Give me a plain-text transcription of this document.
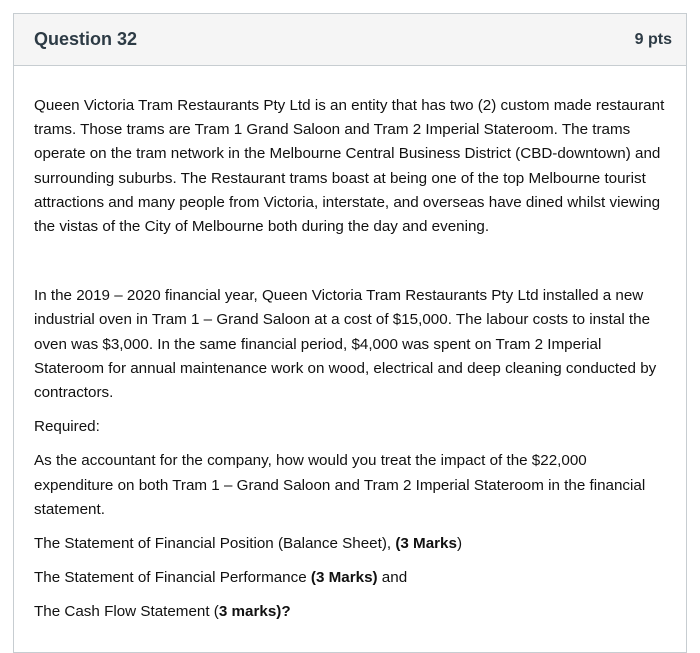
Question 32	9 pts

Queen Victoria Tram Restaurants Pty Ltd is an entity that has two (2) custom made restaurant trams. Those trams are Tram 1 Grand Saloon and Tram 2 Imperial Stateroom. The trams operate on the tram network in the Melbourne Central Business District (CBD-downtown) and surrounding suburbs. The Restaurant trams boast at being one of the top Melbourne tourist attractions and many people from Victoria, interstate, and overseas have dined whilst viewing the vistas of the City of Melbourne both during the day and evening.

In the 2019 – 2020 financial year, Queen Victoria Tram Restaurants Pty Ltd installed a new industrial oven in Tram 1 – Grand Saloon at a cost of $15,000. The labour costs to instal the oven was $3,000. In the same financial period, $4,000 was spent on Tram 2 Imperial Stateroom for annual maintenance work on wood, electrical and deep cleaning conducted by contractors.

Required:

As the accountant for the company, how would you treat the impact of the $22,000 expenditure on both Tram 1 – Grand Saloon and Tram 2 Imperial Stateroom in the financial statement.

The Statement of Financial Position (Balance Sheet), (3 Marks)

The Statement of Financial Performance (3 Marks) and

The Cash Flow Statement (3 marks)?
